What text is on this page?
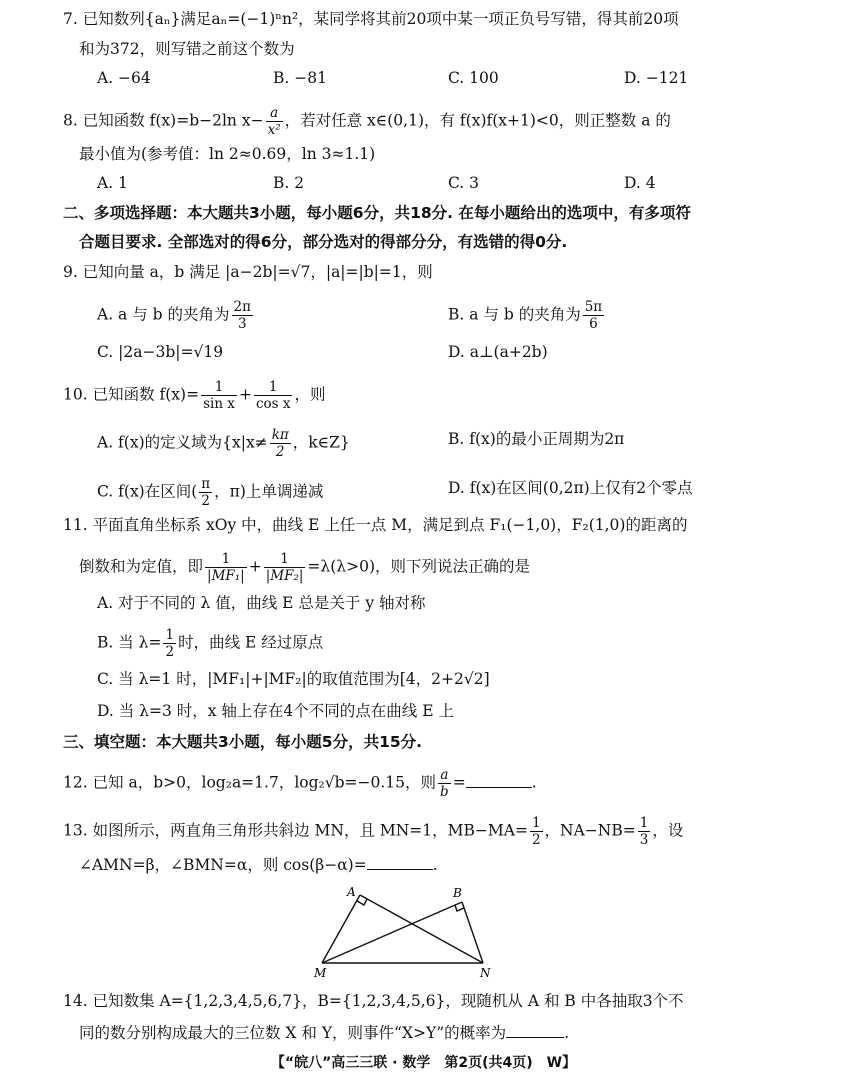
7. 已知数列{aₙ}满足aₙ=(−1)ⁿn²，某同学将其前20项中某一项正负号写错，得其前20项
和为372，则写错之前这个数为
A. −64	B. −81	C. 100	D. −121
8. 已知函数 f(x)=b−2ln $x- \frac{a}{\text{x²}}$ ，若对任意 x∈(0,1)，有 f(x)f(x+1)<0，则正整数 a 的
最小值为(参考值：ln 2≈0.69，ln 3≈1.1)
A. 1	B. 2	C. 3	D. 4
二、多项选择题：本大题共3小题，每小题6分，共18分. 在每小题给出的选项中，有多项符
合题目要求. 全部选对的得6分，部分选对的得部分分，有选错的得0分.
9. 已知向量 a，b 满足 |a−2b|=√7，|a|=|b|=1，则
A. a 与 b 的夹角为 $\frac{2\pi}{3}$	B. a 与 b 的夹角为 $\frac{5\pi}{6}$
C. |2a−3b|=√19	D. a⊥(a+2b)
10. 已知函数 $f(x)= \frac{1}{\text{sin x}} + \frac{1}{\text{cos x}}$ ，则
A. f(x)的定义域为{$x|x\ne \frac{k\pi}{2}$ ，k∈Z}	B. f(x)的最小正周期为2π
C. f(x)在区间( $\frac{\pi}{2}$ ，π)上单调递减	D. f(x)在区间(0,2π)上仅有2个零点
11. 平面直角坐标系 xOy 中，曲线 E 上任一点 M，满足到点 F₁(−1,0)，F₂(1,0)的距离的
倒数和为定值，即 $\frac{1}{\text{|MF₁|}} + \frac{1}{\text{|MF₂|}} =\lambda(\lambda>0)$，则下列说法正确的是
A. 对于不同的 λ 值，曲线 E 总是关于 y 轴对称
B. 当 $\lambda= \frac{1}{2}$ 时，曲线 E 经过原点
C. 当 λ=1 时，|MF₁|+|MF₂|的取值范围为[4，2+2√2]
D. 当 λ=3 时，x 轴上存在4个不同的点在曲线 E 上
三、填空题：本大题共3小题，每小题5分，共15分.
12. 已知 a，b>0，log₂a=1.7，log₂√b=−0.15，则 $\frac{a}{b}$ =	.
13. 如图所示，两直角三角形共斜边 MN，且 MN=1，$MB-MA= \frac{1}{2}$ ，$NA-NB= \frac{1}{3}$ ，设
∠AMN=β，∠BMN=α，则 cos(β−α)=	.
A	B
M	N
14. 已知数集 A={1,2,3,4,5,6,7}，B={1,2,3,4,5,6}，现随机从 A 和 B 中各抽取3个不
同的数分别构成最大的三位数 X 和 Y，则事件“X>Y”的概率为	.
【“皖八”高三三联 · 数学　第2页(共4页)　W】
